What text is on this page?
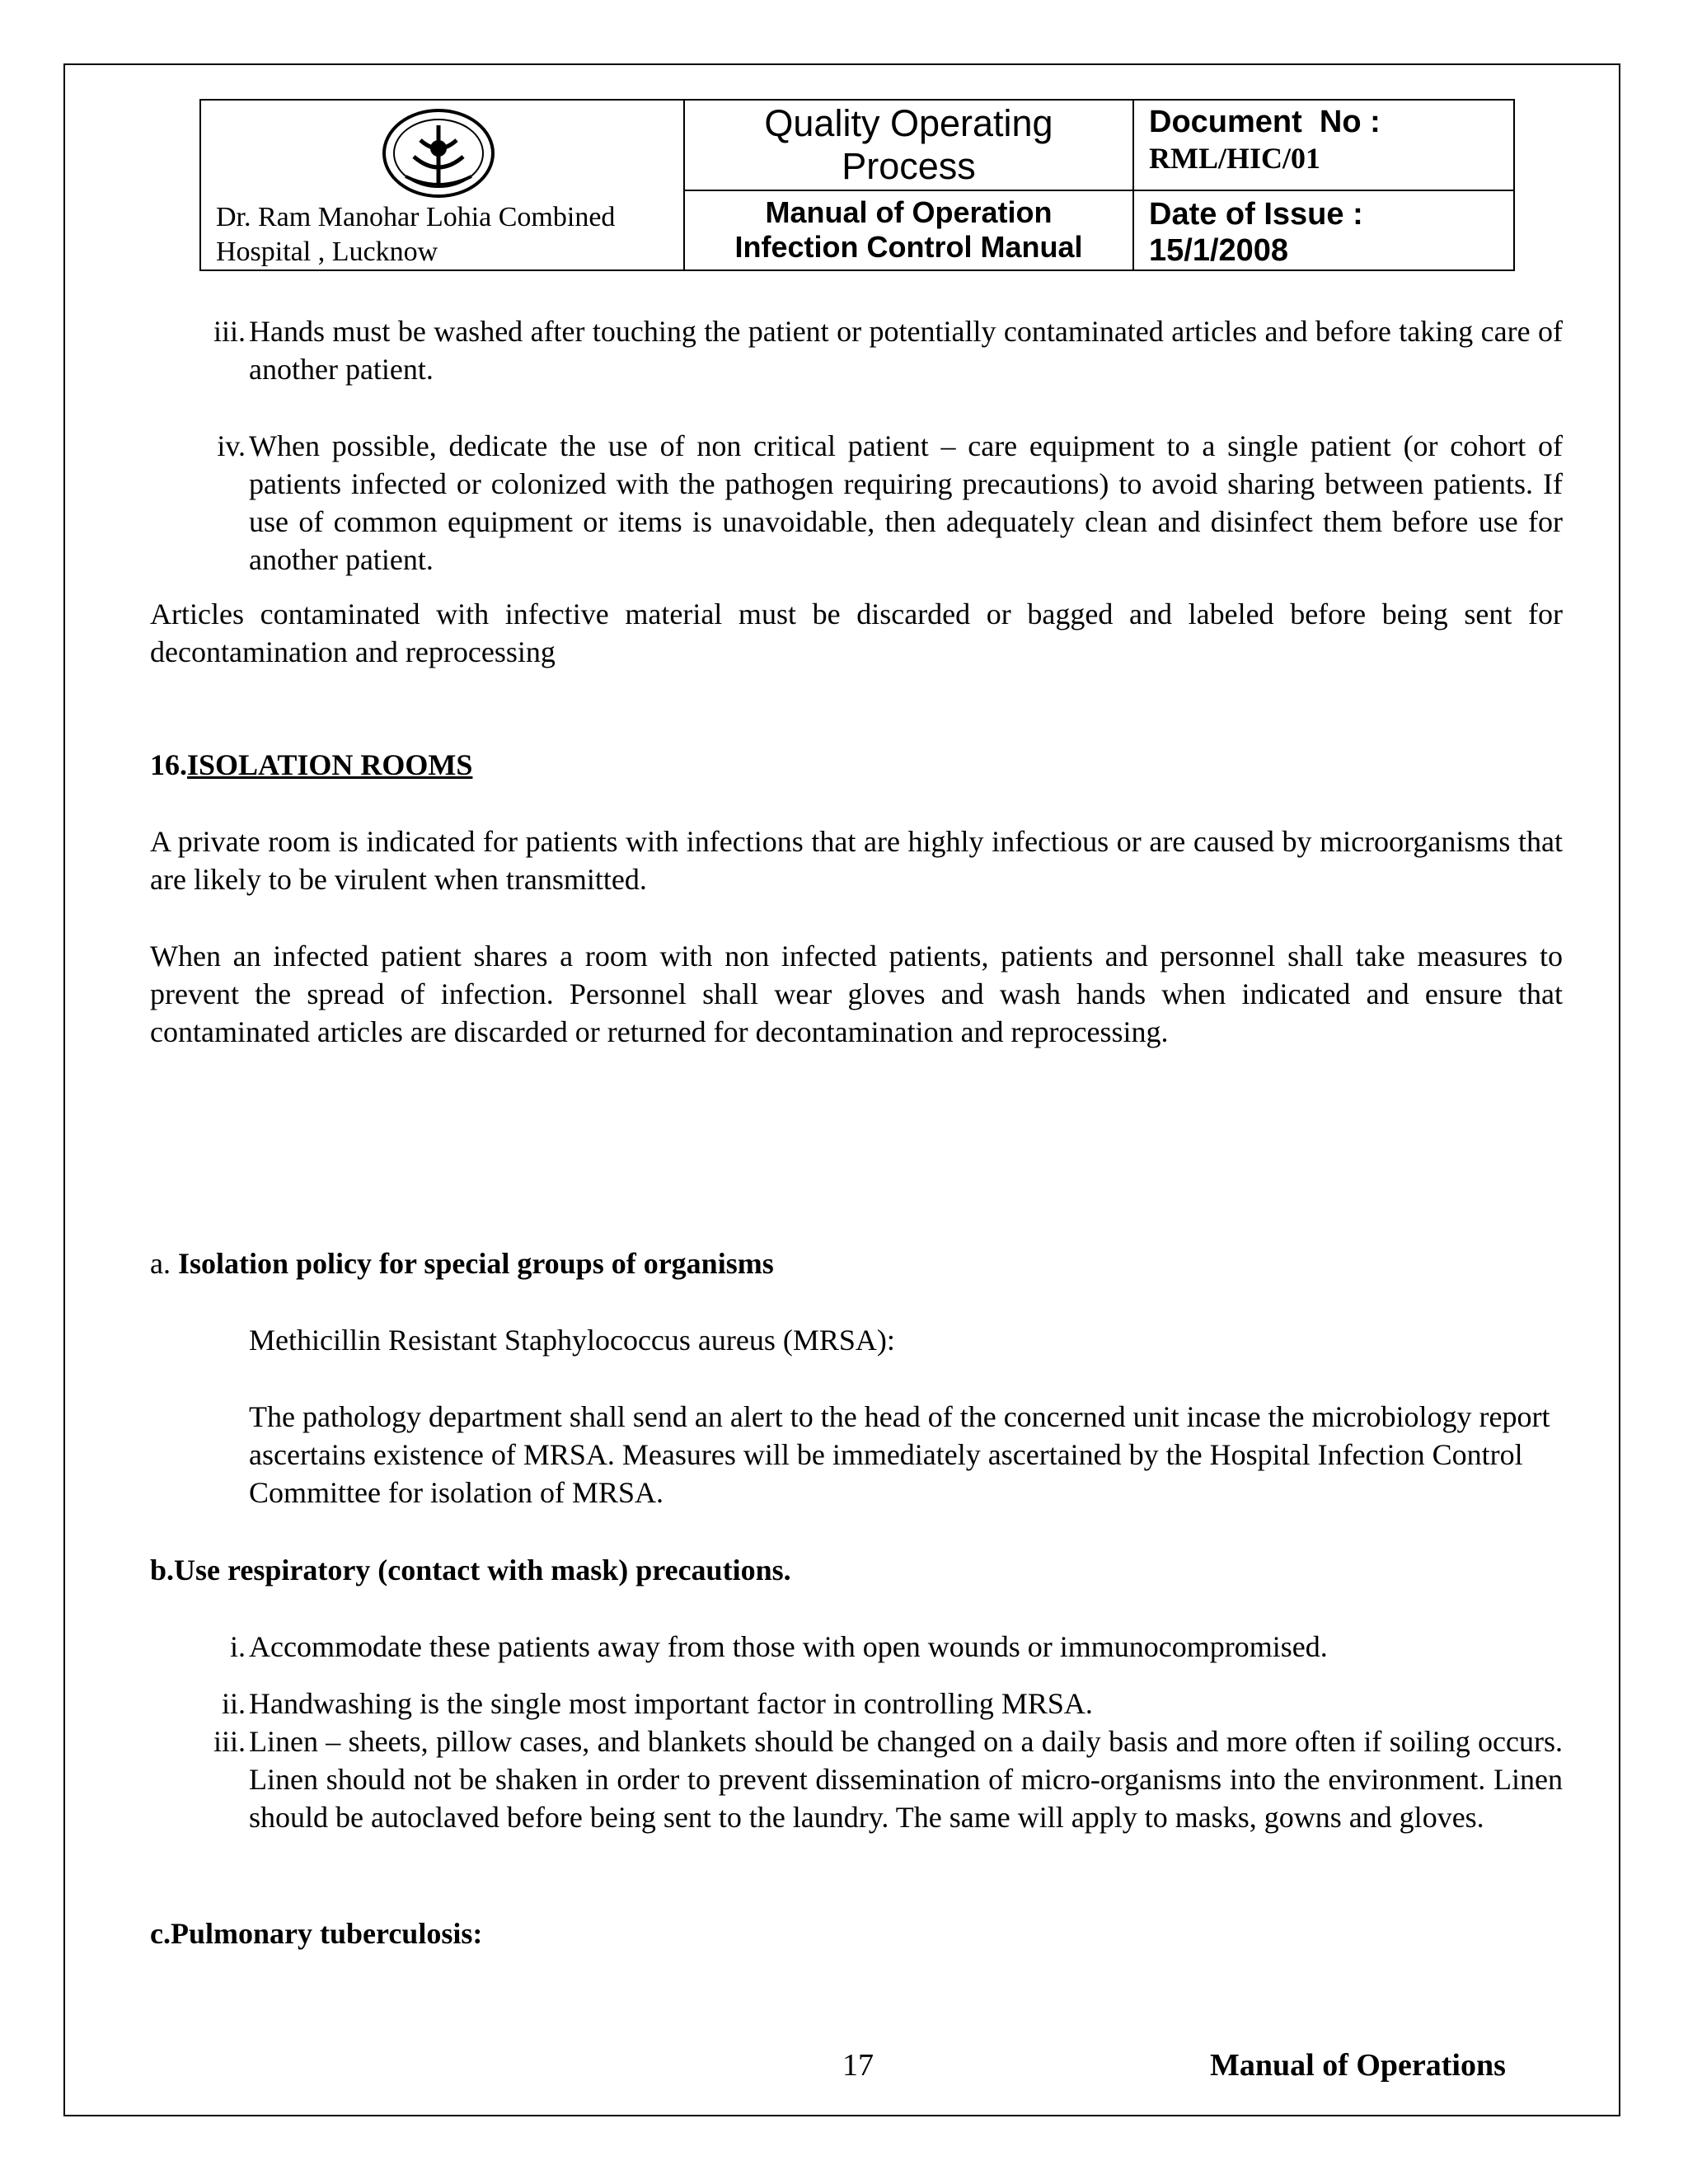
Dr. Ram Manohar Lohia Combined Hospital , Lucknow
Quality Operating Process
Manual of Operation Infection Control Manual
Document  No :
RML/HIC/01
Date of Issue :
15/1/2008
iii. Hands must be washed after touching the patient or potentially contaminated articles and before taking care of another patient.
iv. When possible, dedicate the use of non critical patient – care equipment to a single patient (or cohort of patients infected or colonized with the pathogen requiring precautions) to avoid sharing between patients. If use of common equipment or items is unavoidable, then adequately clean and disinfect them before use for another patient.
Articles contaminated with infective material must be discarded or bagged and labeled before being sent for decontamination and reprocessing
16.ISOLATION ROOMS
A private room is indicated for patients with infections that are highly infectious or are caused by microorganisms that are likely to be virulent when transmitted.
When an infected patient shares a room with non infected patients, patients and personnel shall take measures to prevent the spread of infection. Personnel shall wear gloves and wash hands when indicated and ensure that contaminated articles are discarded or returned for decontamination and reprocessing.
a. Isolation policy for special groups of organisms
Methicillin Resistant Staphylococcus aureus (MRSA):
The pathology department shall send an alert to the head of the concerned unit incase the microbiology report ascertains existence of MRSA. Measures will be immediately ascertained by the Hospital Infection Control Committee for isolation of MRSA.
b.Use respiratory (contact with mask) precautions.
i. Accommodate these patients away from those with open wounds or immunocompromised.
ii. Handwashing is the single most important factor in controlling MRSA.
iii. Linen – sheets, pillow cases, and blankets should be changed on a daily basis and more often if soiling occurs. Linen should not be shaken in order to prevent dissemination of micro-organisms into the environment. Linen should be autoclaved before being sent to the laundry. The same will apply to masks, gowns and gloves.
c.Pulmonary tuberculosis:
17	Manual of Operations
